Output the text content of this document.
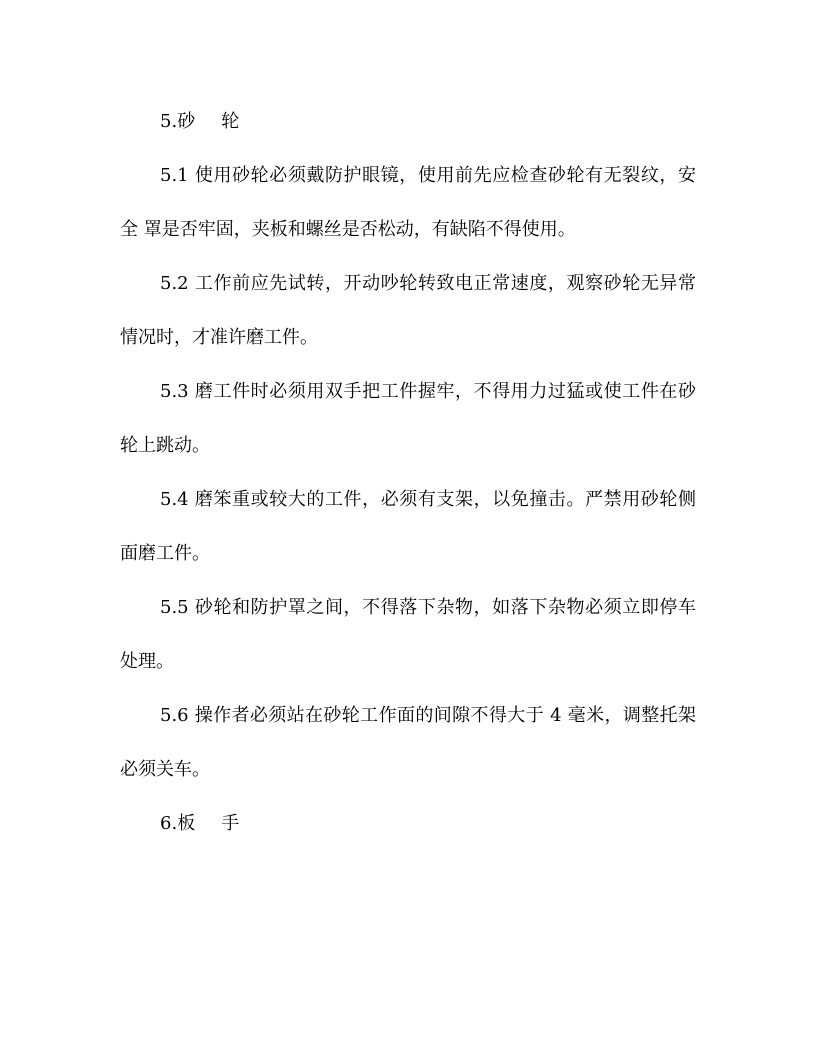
5.砂 轮

5.1 使用砂轮必须戴防护眼镜，使用前先应检查砂轮有无裂纹，安全 罩是否牢固，夹板和螺丝是否松动，有缺陷不得使用。

5.2 工作前应先试转，开动吵轮转致电正常速度，观察砂轮无异常情况时，才准许磨工件。

5.3 磨工件时必须用双手把工件握牢，不得用力过猛或使工件在砂轮上跳动。

5.4 磨笨重或较大的工件，必须有支架，以免撞击。严禁用砂轮侧面磨工件。

5.5 砂轮和防护罩之间，不得落下杂物，如落下杂物必须立即停车处理。

5.6 操作者必须站在砂轮工作面的间隙不得大于 4 毫米，调整托架必须关车。

6.板 手
